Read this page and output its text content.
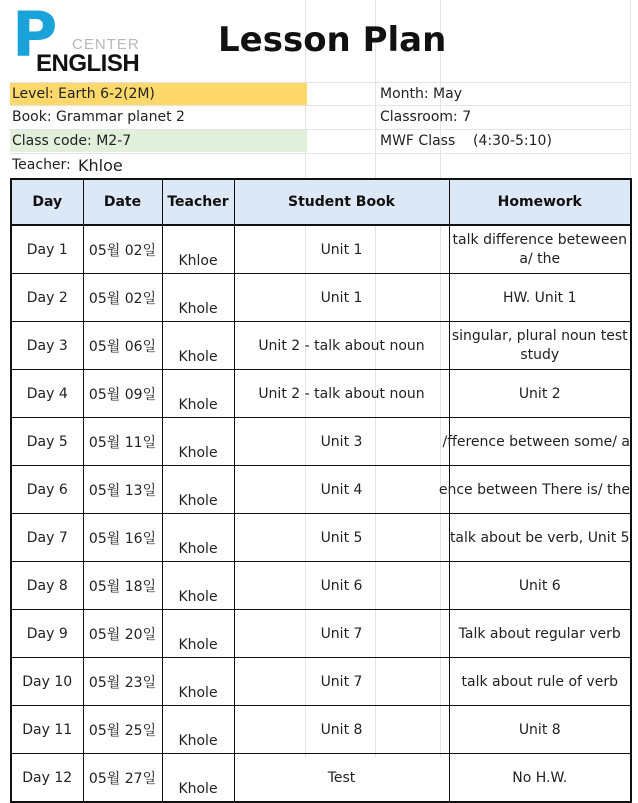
P CENTER
ENGLISH
Lesson Plan
Level: Earth 6-2(2M)	Month: May
Book: Grammar planet 2	Classroom: 7
Class code: M2-7	MWF Class    (4:30-5:10)
Teacher: Khloe
Day	Date	Teacher	Student Book	Homework
Day 1	05월 02일	Khloe	Unit 1	talk difference beteween a/ the

Day 2	05월 02일	Khole	Unit 1	HW. Unit 1

Day 3	05월 06일	Khole	Unit 2 - talk about noun	singular, plural noun test study

Day 4	05월 09일	Khole	Unit 2 - talk about noun	Unit 2

Day 5	05월 11일	Khole	Unit 3	fference between some/ a/

Day 6	05월 13일	Khole	Unit 4	ence between There is/ the

Day 7	05월 16일	Khole	Unit 5	talk about be verb, Unit 5

Day 8	05월 18일	Khole	Unit 6	Unit 6

Day 9	05월 20일	Khole	Unit 7	Talk about regular verb

Day 10	05월 23일	Khole	Unit 7	talk about rule of verb

Day 11	05월 25일	Khole	Unit 8	Unit 8

Day 12	05월 27일	Khole	Test	No H.W.
